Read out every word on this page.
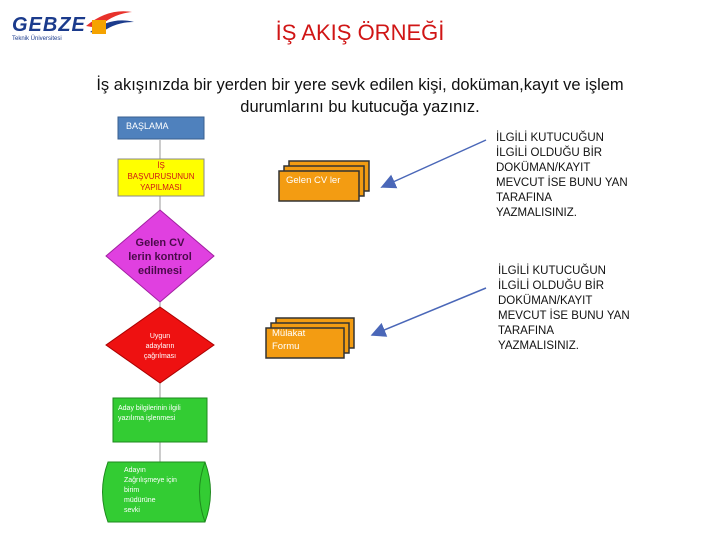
GEBZE
Teknik Üniversitesi	İŞ AKIŞ ÖRNEĞİ
İş akışınızda bir yerden bir yere sevk edilen kişi, doküman,kayıt ve işlem
durumlarını bu kutucuğa yazınız.
BAŞLAMA
İŞ
BAŞVURUSUNUN
YAPILMASI
Gelen CV
lerin kontrol
edilmesi
Uygun
adayların
çağrılması
Aday bilgilerinin ilgili
yazılıma işlenmesi
Adayın
Zağrılışmeye için
birim
müdürüne
sevki
Gelen CV ler
Mülakat
Formu
İLGİLİ KUTUCUĞUN
İLGİLİ OLDUĞU BİR
DOKÜMAN/KAYIT
MEVCUT İSE BUNU YAN
TARAFINA
YAZMALISINIZ.
İLGİLİ KUTUCUĞUN
İLGİLİ OLDUĞU BİR
DOKÜMAN/KAYIT
MEVCUT İSE BUNU YAN
TARAFINA
YAZMALISINIZ.
